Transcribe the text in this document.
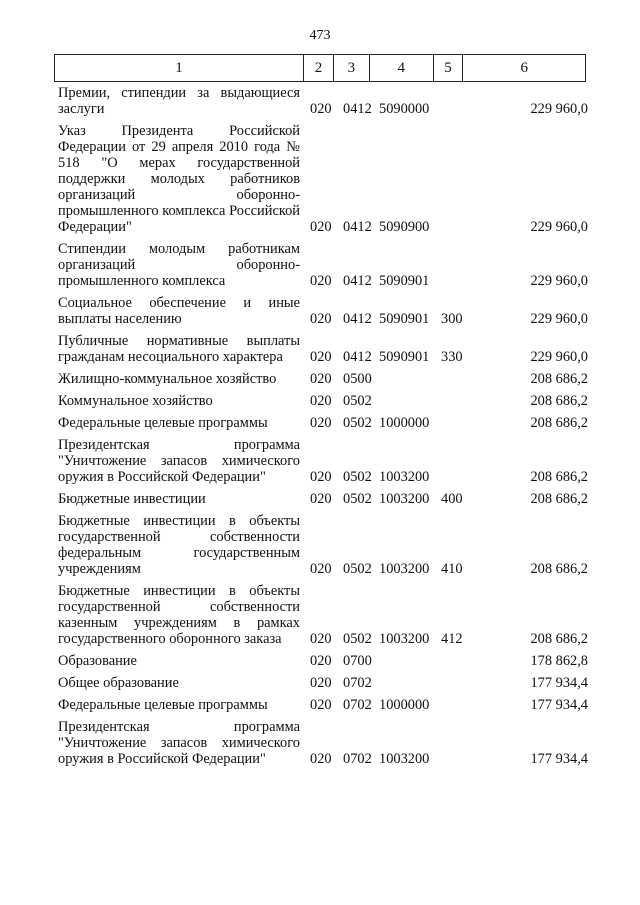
473
1	2	3	4	5	6
Премии, стипендии за выдающиеся заслуги	020 0412 5090000	229 960,0
Указ Президента Российской Федерации от 29 апреля 2010 года № 518 "О мерах государственной поддержки молодых работников организаций оборонно-промышленного комплекса Российской Федерации"	020 0412 5090900	229 960,0
Стипендии молодым работникам организаций оборонно-промышленного комплекса	020 0412 5090901	229 960,0
Социальное обеспечение и иные выплаты населению	020 0412 5090901 300	229 960,0
Публичные нормативные выплаты гражданам несоциального характера	020 0412 5090901 330	229 960,0
Жилищно-коммунальное хозяйство	020 0500	208 686,2
Коммунальное хозяйство	020 0502	208 686,2
Федеральные целевые программы	020 0502 1000000	208 686,2
Президентская программа "Уничтожение запасов химического оружия в Российской Федерации"	020 0502 1003200	208 686,2
Бюджетные инвестиции	020 0502 1003200 400	208 686,2
Бюджетные инвестиции в объекты государственной собственности федеральным государственным учреждениям	020 0502 1003200 410	208 686,2
Бюджетные инвестиции в объекты государственной собственности казенным учреждениям в рамках государственного оборонного заказа	020 0502 1003200 412	208 686,2
Образование	020 0700	178 862,8
Общее образование	020 0702	177 934,4
Федеральные целевые программы	020 0702 1000000	177 934,4
Президентская программа "Уничтожение запасов химического оружия в Российской Федерации"	020 0702 1003200	177 934,4
